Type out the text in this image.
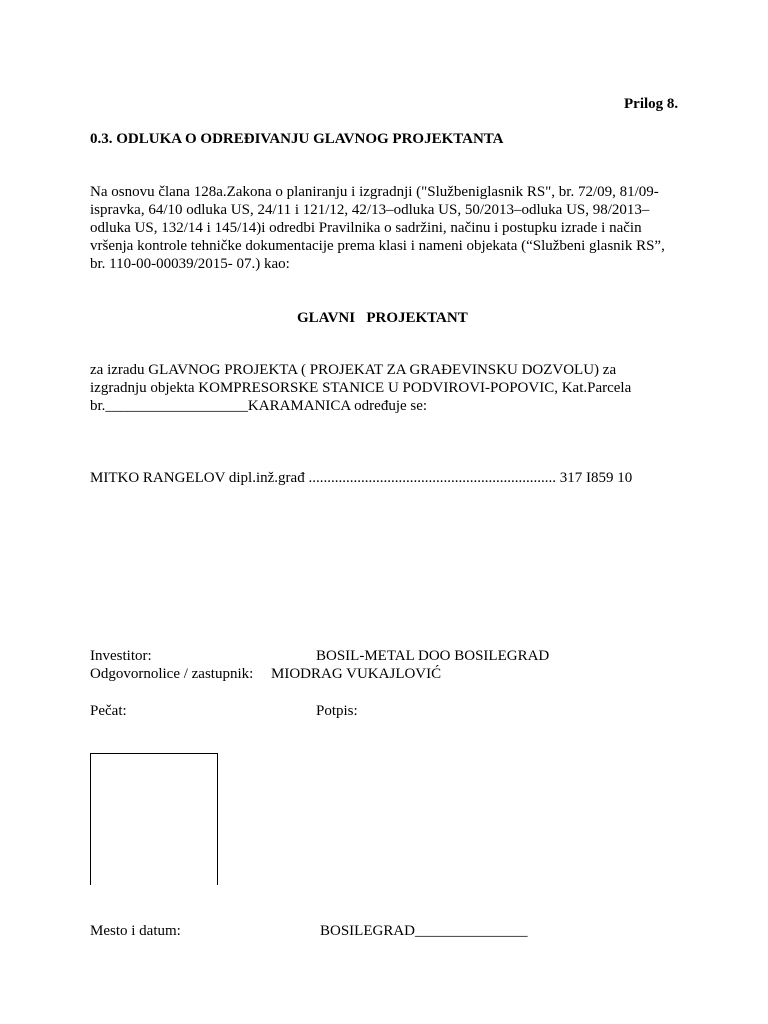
Prilog 8.
0.3. ODLUKA O ODREĐIVANJU GLAVNOG PROJEKTANTA
Na osnovu člana 128a.Zakona o planiranju i izgradnji ("Službeniglasnik RS", br. 72/09, 81/09-
ispravka, 64/10 odluka US, 24/11 i 121/12, 42/13–odluka US, 50/2013–odluka US, 98/2013–
odluka US, 132/14 i 145/14)i odredbi Pravilnika o sadržini, načinu i postupku izrade i način
vršenja kontrole tehničke dokumentacije prema klasi i nameni objekata (“Službeni glasnik RS”,
br. 110-00-00039/2015- 07.) kao:
GLAVNI   PROJEKTANT
za izradu GLAVNOG PROJEKTA ( PROJEKAT ZA GRAĐEVINSKU DOZVOLU) za
izgradnju objekta KOMPRESORSKE STANICE U PODVIROVI-POPOVIC, Kat.Parcela
br.___________________KARAMANICA određuje se:
MITKO RANGELOV dipl.inž.građ .................................................................. 317 I859 10
Investitor:	BOSIL-METAL DOO BOSILEGRAD
Odgovornolice / zastupnik: MIODRAG VUKAJLOVIĆ
Pečat:	Potpis:
Mesto i datum:	BOSILEGRAD_______________
